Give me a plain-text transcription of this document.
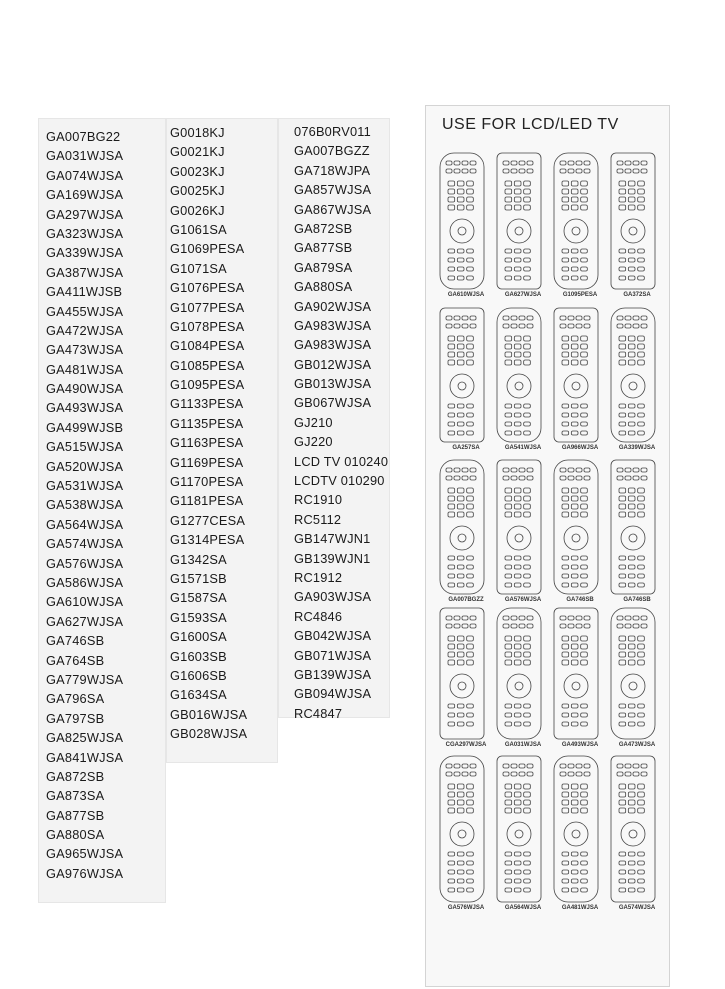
GA007BG22
GA031WJSA
GA074WJSA
GA169WJSA
GA297WJSA
GA323WJSA
GA339WJSA
GA387WJSA
GA411WJSB
GA455WJSA
GA472WJSA
GA473WJSA
GA481WJSA
GA490WJSA
GA493WJSA
GA499WJSB
GA515WJSA
GA520WJSA
GA531WJSA
GA538WJSA
GA564WJSA
GA574WJSA
GA576WJSA
GA586WJSA
GA610WJSA
GA627WJSA
GA746SB
GA764SB
GA779WJSA
GA796SA
GA797SB
GA825WJSA
GA841WJSA
GA872SB
GA873SA
GA877SB
GA880SA
GA965WJSA
GA976WJSA
G0018KJ
G0021KJ
G0023KJ
G0025KJ
G0026KJ
G1061SA
G1069PESA
G1071SA
G1076PESA
G1077PESA
G1078PESA
G1084PESA
G1085PESA
G1095PESA
G1133PESA
G1135PESA
G1163PESA
G1169PESA
G1170PESA
G1181PESA
G1277CESA
G1314PESA
G1342SA
G1571SB
G1587SA
G1593SA
G1600SA
G1603SB
G1606SB
G1634SA
GB016WJSA
GB028WJSA
076B0RV011
GA007BGZZ
GA718WJPA
GA857WJSA
GA867WJSA
GA872SB
GA877SB
GA879SA
GA880SA
GA902WJSA
GA983WJSA
GA983WJSA
GB012WJSA
GB013WJSA
GB067WJSA
GJ210
GJ220
LCD TV 010240
LCDTV 010290
RC1910
RC5112
GB147WJN1
GB139WJN1
RC1912
GA903WJSA
RC4846
GB042WJSA
GB071WJSA
GB139WJSA
GB094WJSA
RC4847
USE FOR LCD/LED TV
GA610WJSA	GA627WJSA	G1095PESA	GA372SA
GA257SA	GA541WJSA	GA966WJSA	GA339WJSA
GA007BGZZ	GA576WJSA	GA746SB	GA746SB
CGA297WJSA	GA031WJSA	GA493WJSA	GA473WJSA
GA576WJSA	GA564WJSA	GA481WJSA	GA574WJSA
